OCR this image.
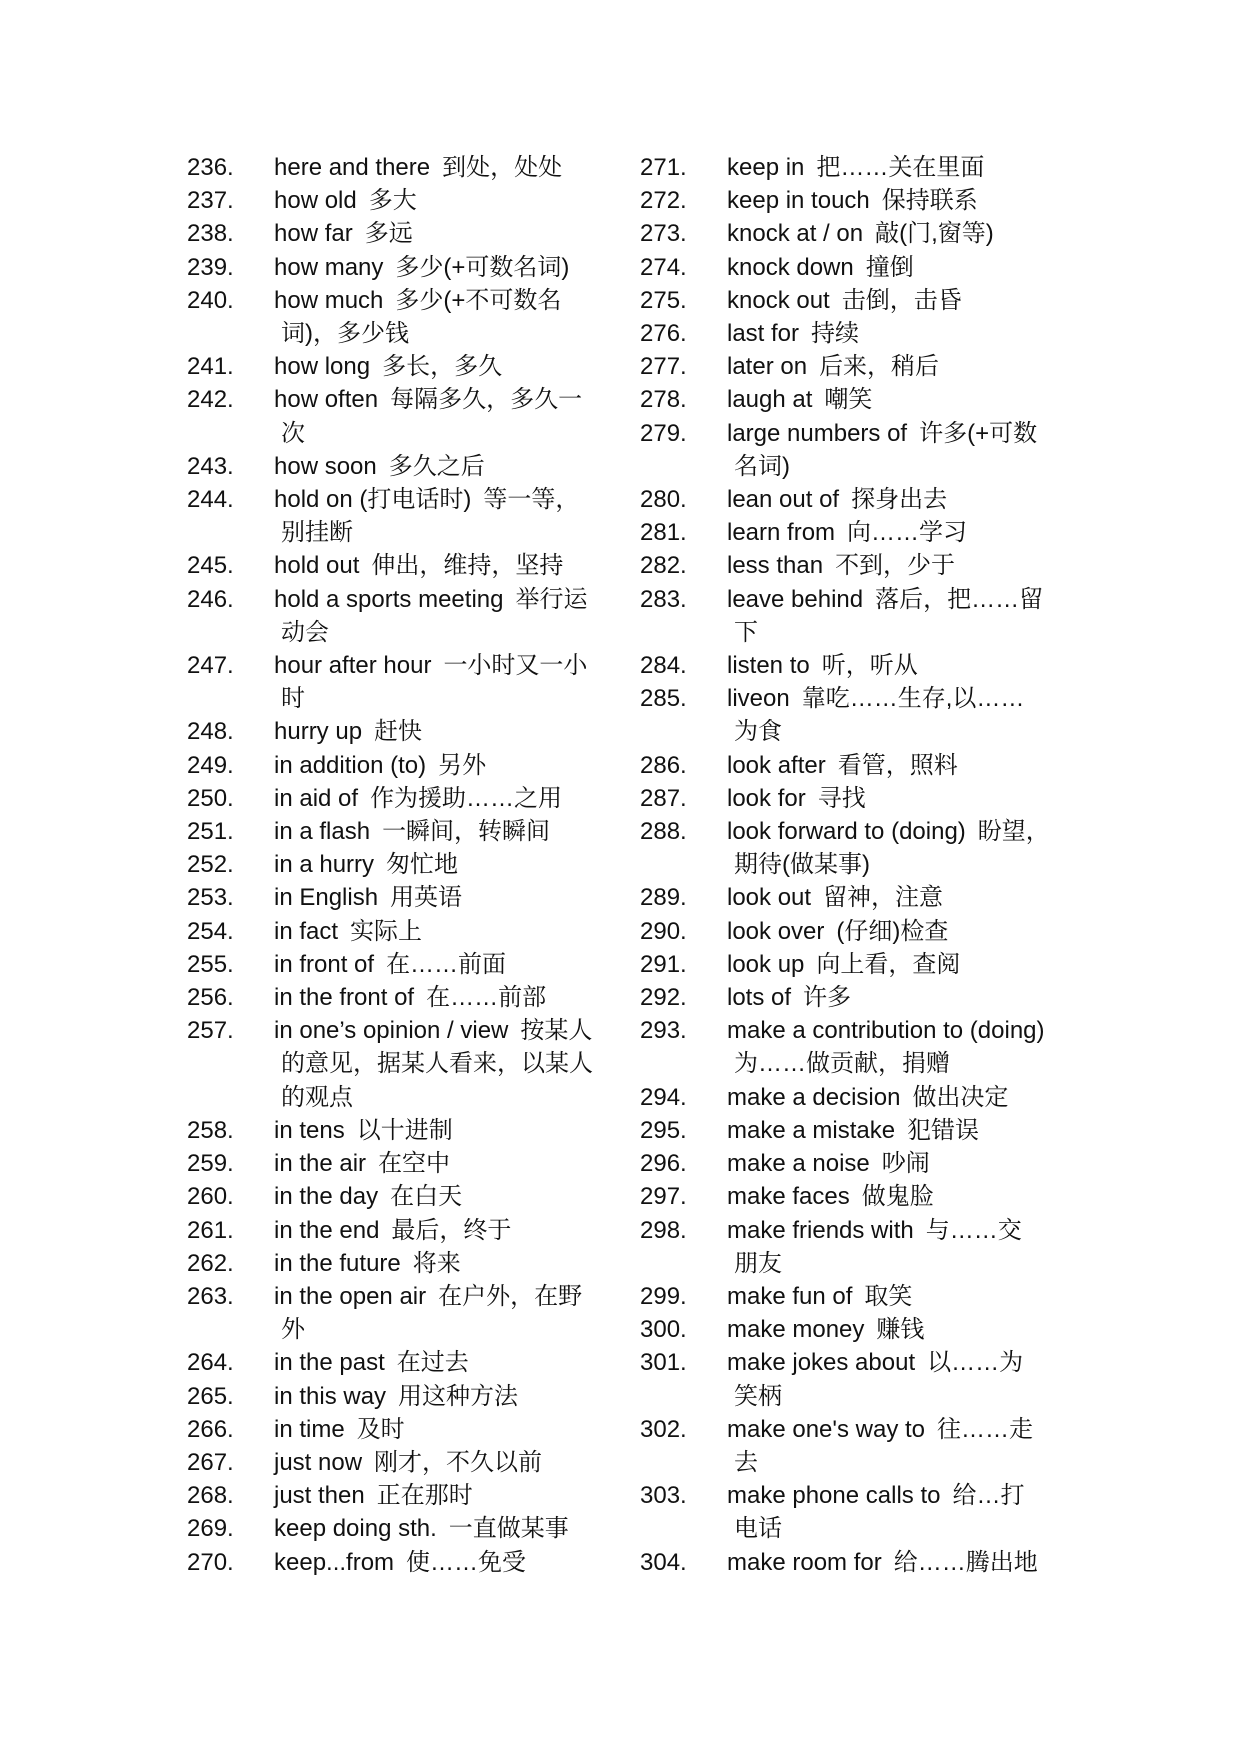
236. here and there 到处，处处
237. how old 多大
238. how far 多远
239. how many 多少(+可数名词)
240. how much 多少(+不可数名
词)，多少钱
241. how long 多长，多久
242. how often 每隔多久，多久一
次
243. how soon 多久之后
244. hold on (打电话时) 等一等，
别挂断
245. hold out 伸出，维持，坚持
246. hold a sports meeting 举行运
动会
247. hour after hour 一小时又一小
时
248. hurry up 赶快
249. in addition (to) 另外
250. in aid of 作为援助……之用
251. in a flash 一瞬间，转瞬间
252. in a hurry 匆忙地
253. in English 用英语
254. in fact 实际上
255. in front of 在……前面
256. in the front of 在……前部
257. in one’s opinion / view 按某人
的意见，据某人看来，以某人
的观点
258. in tens 以十进制
259. in the air 在空中
260. in the day 在白天
261. in the end 最后，终于
262. in the future 将来
263. in the open air 在户外，在野
外
264. in the past 在过去
265. in this way 用这种方法
266. in time 及时
267. just now 刚才，不久以前
268. just then 正在那时
269. keep doing sth. 一直做某事
270. keep...from 使……免受
271. keep in 把……关在里面
272. keep in touch 保持联系
273. knock at / on 敲(门,窗等)
274. knock down 撞倒
275. knock out 击倒，击昏
276. last for 持续
277. later on 后来，稍后
278. laugh at 嘲笑
279. large numbers of 许多(+可数
名词)
280. lean out of 探身出去
281. learn from 向……学习
282. less than 不到，少于
283. leave behind 落后，把……留
下
284. listen to 听，听从
285. liveon 靠吃……生存,以……
为食
286. look after 看管，照料
287. look for 寻找
288. look forward to (doing) 盼望，
期待(做某事)
289. look out 留神，注意
290. look over (仔细)检查
291. look up 向上看，查阅
292. lots of 许多
293. make a contribution to (doing)
为……做贡献，捐赠
294. make a decision 做出决定
295. make a mistake 犯错误
296. make a noise 吵闹
297. make faces 做鬼脸
298. make friends with 与……交
朋友
299. make fun of 取笑
300. make money 赚钱
301. make jokes about 以……为
笑柄
302. make one's way to 往……走
去
303. make phone calls to 给…打
电话
304. make room for 给……腾出地
